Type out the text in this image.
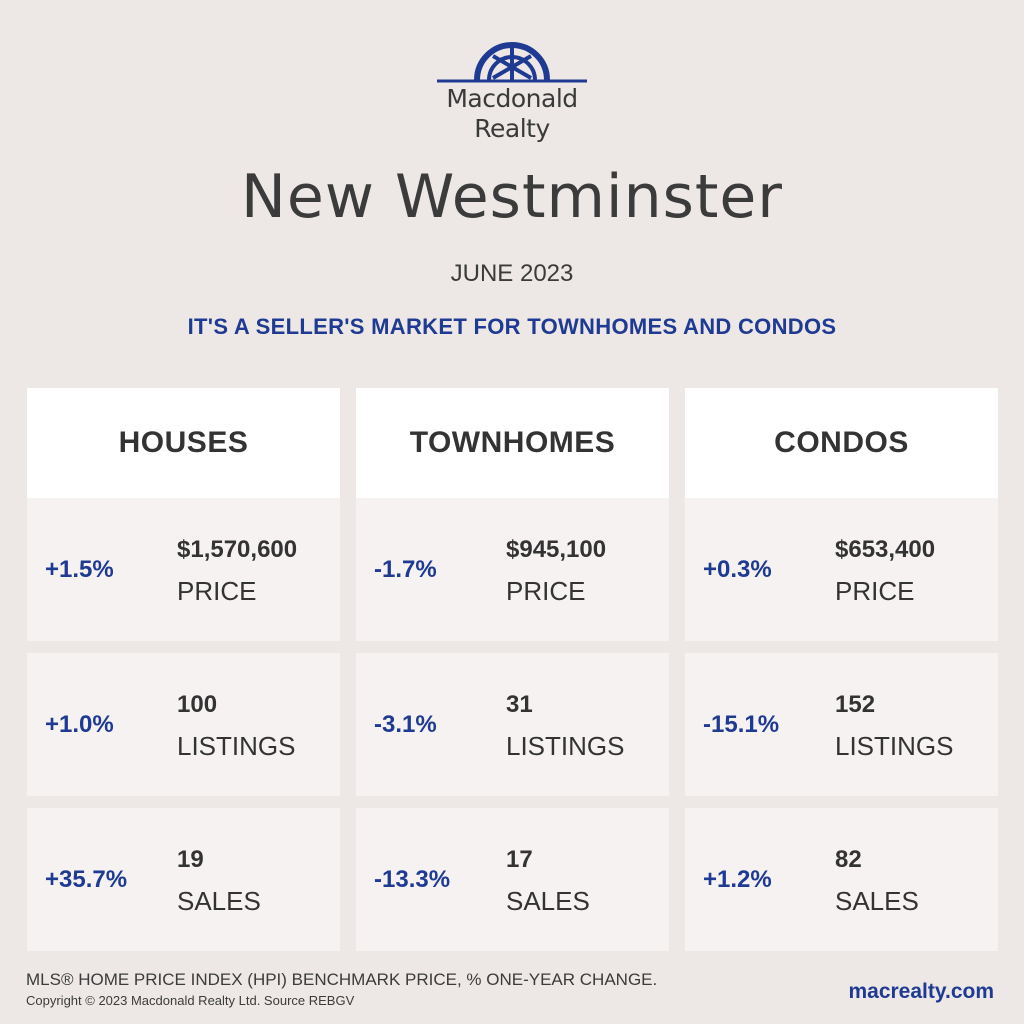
Macdonald
Realty
New Westminster
JUNE 2023
IT'S A SELLER'S MARKET FOR TOWNHOMES AND CONDOS
HOUSES
+1.5%
$1,570,600
PRICE
+1.0%
100
LISTINGS
+35.7%
19
SALES
TOWNHOMES
-1.7%
$945,100
PRICE
-3.1%
31
LISTINGS
-13.3%
17
SALES
CONDOS
+0.3%
$653,400
PRICE
-15.1%
152
LISTINGS
+1.2%
82
SALES
MLS® HOME PRICE INDEX (HPI) BENCHMARK PRICE, % ONE-YEAR CHANGE.
Copyright © 2023 Macdonald Realty Ltd. Source REBGV	macrealty.com
